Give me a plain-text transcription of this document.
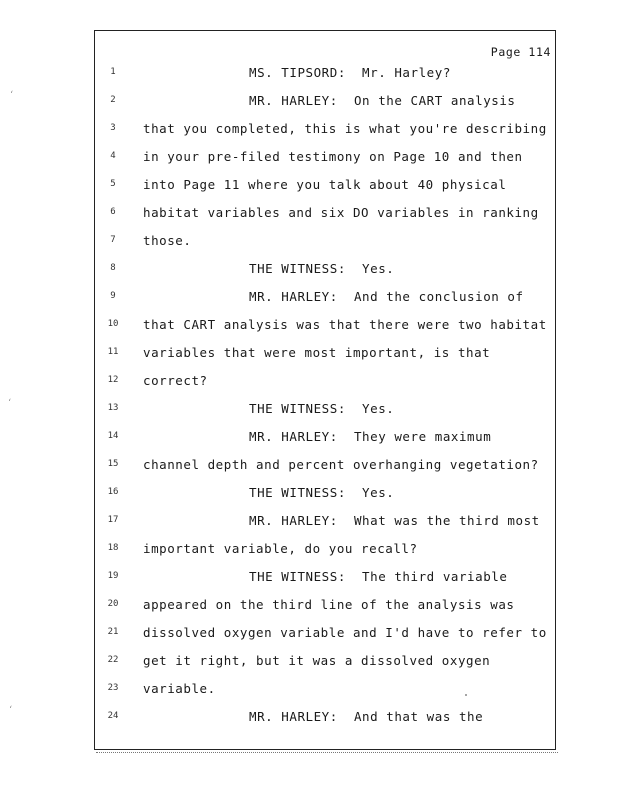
Page 114
1	MS. TIPSORD:  Mr. Harley?
2	MR. HARLEY:  On the CART analysis
3	that you completed, this is what you're describing
4	in your pre-filed testimony on Page 10 and then
5	into Page 11 where you talk about 40 physical
6	habitat variables and six DO variables in ranking
7	those.
8	THE WITNESS:  Yes.
9	MR. HARLEY:  And the conclusion of
10	that CART analysis was that there were two habitat
11	variables that were most important, is that
12	correct?
13	THE WITNESS:  Yes.
14	MR. HARLEY:  They were maximum
15	channel depth and percent overhanging vegetation?
16	THE WITNESS:  Yes.
17	MR. HARLEY:  What was the third most
18	important variable, do you recall?
19	THE WITNESS:  The third variable
20	appeared on the third line of the analysis was
21	dissolved oxygen variable and I'd have to refer to
22	get it right, but it was a dissolved oxygen
23	variable.
24	MR. HARLEY:  And that was the
‘
‘
‘
